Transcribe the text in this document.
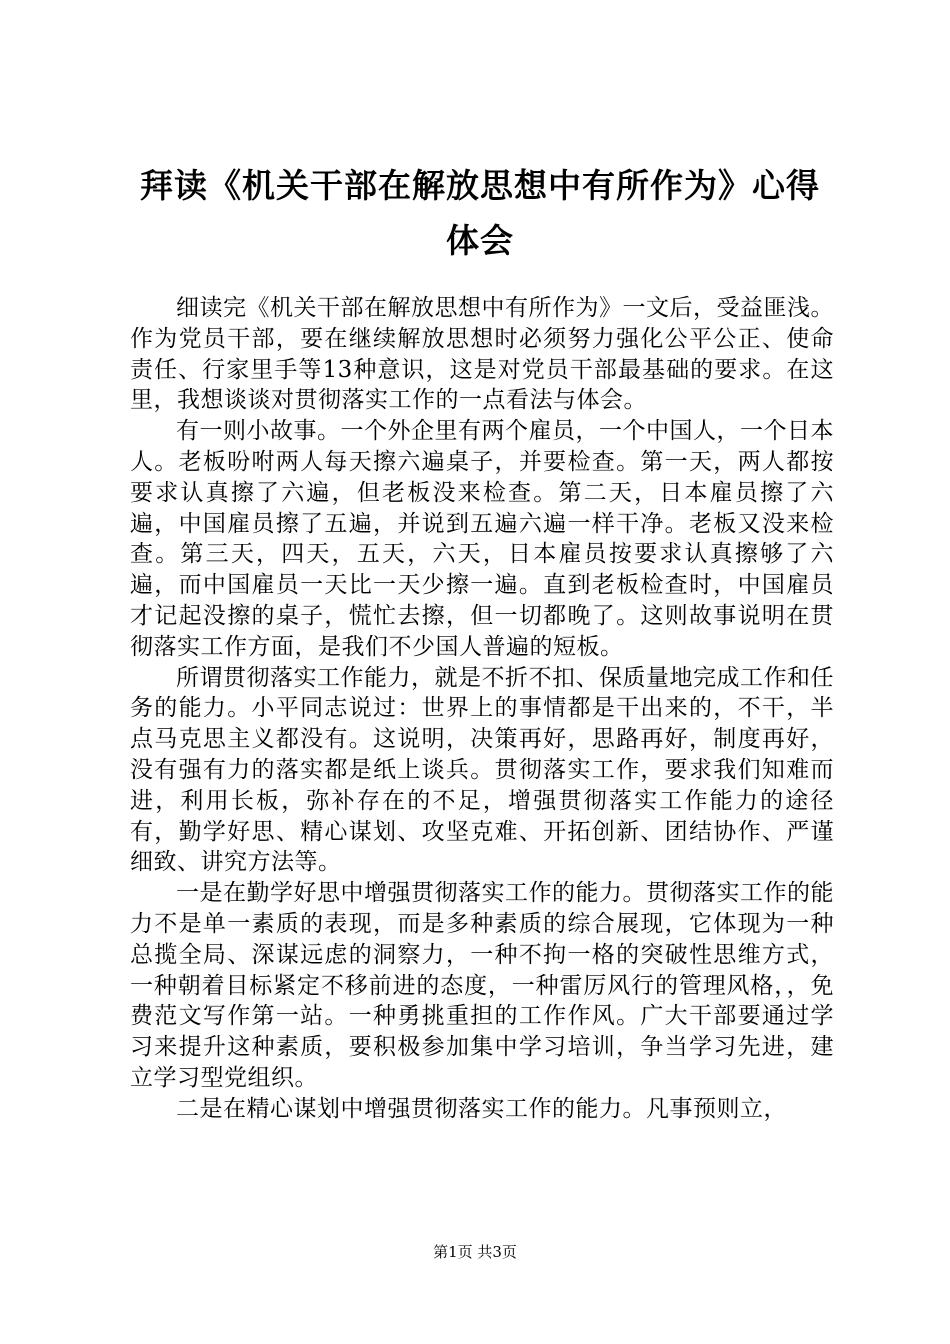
拜读《机关干部在解放思想中有所作为》心得体会

细读完《机关干部在解放思想中有所作为》一文后，受益匪浅。作为党员干部，要在继续解放思想时必须努力强化公平公正、使命责任、行家里手等13种意识，这是对党员干部最基础的要求。在这里，我想谈谈对贯彻落实工作的一点看法与体会。

有一则小故事。一个外企里有两个雇员，一个中国人，一个日本人。老板吩咐两人每天擦六遍桌子，并要检查。第一天，两人都按要求认真擦了六遍，但老板没来检查。第二天，日本雇员擦了六遍，中国雇员擦了五遍，并说到五遍六遍一样干净。老板又没来检查。第三天，四天，五天，六天，日本雇员按要求认真擦够了六遍，而中国雇员一天比一天少擦一遍。直到老板检查时，中国雇员才记起没擦的桌子，慌忙去擦，但一切都晚了。这则故事说明在贯彻落实工作方面，是我们不少国人普遍的短板。

所谓贯彻落实工作能力，就是不折不扣、保质量地完成工作和任务的能力。小平同志说过：世界上的事情都是干出来的，不干，半点马克思主义都没有。这说明，决策再好，思路再好，制度再好，没有强有力的落实都是纸上谈兵。贯彻落实工作，要求我们知难而进，利用长板，弥补存在的不足，增强贯彻落实工作能力的途径有，勤学好思、精心谋划、攻坚克难、开拓创新、团结协作、严谨细致、讲究方法等。

一是在勤学好思中增强贯彻落实工作的能力。贯彻落实工作的能力不是单一素质的表现，而是多种素质的综合展现，它体现为一种总揽全局、深谋远虑的洞察力，一种不拘一格的突破性思维方式，一种朝着目标紧定不移前进的态度，一种雷厉风行的管理风格，，免费范文写作第一站。一种勇挑重担的工作作风。广大干部要通过学习来提升这种素质，要积极参加集中学习培训，争当学习先进，建立学习型党组织。

二是在精心谋划中增强贯彻落实工作的能力。凡事预则立，

第1页 共3页
